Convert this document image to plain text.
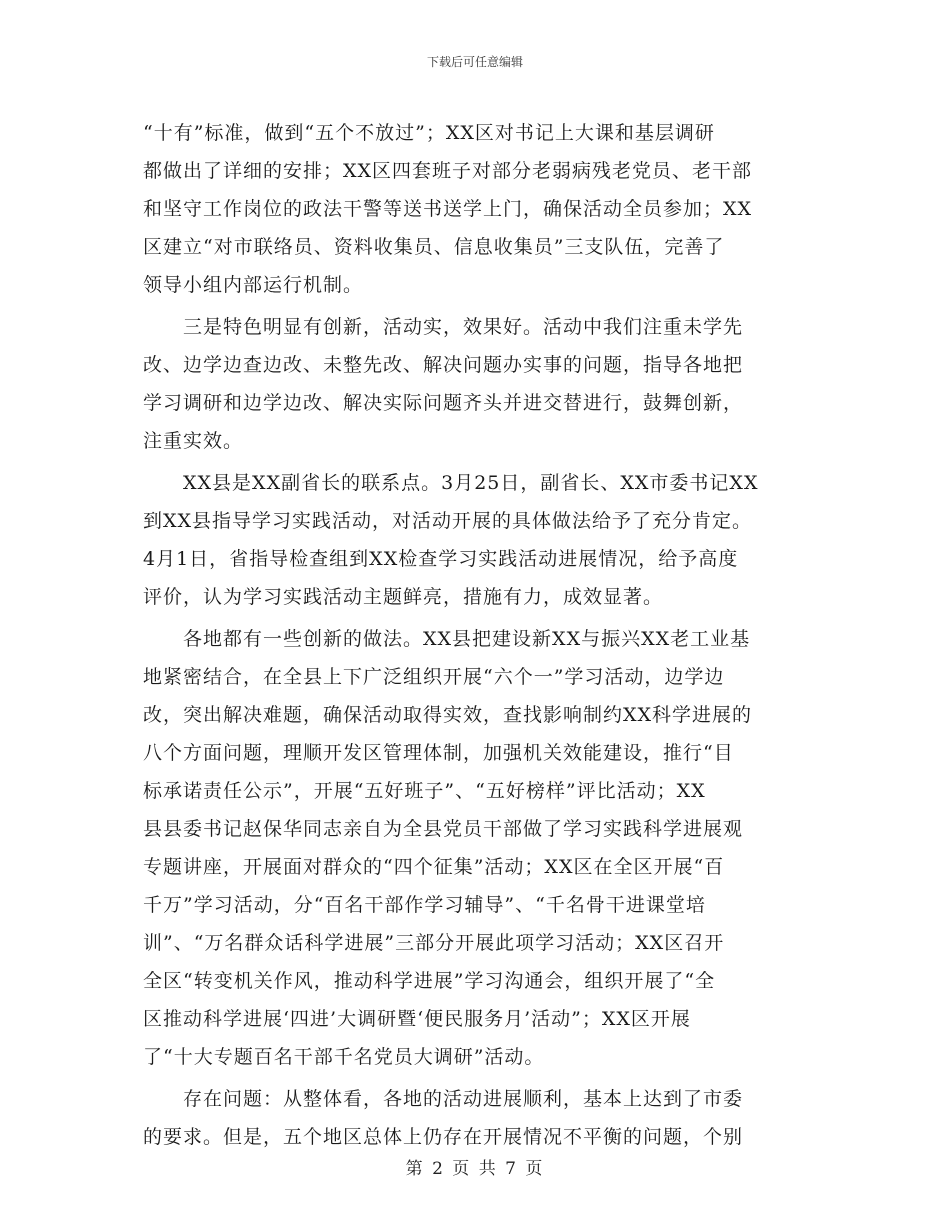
下载后可任意编辑

“十有”标准，做到“五个不放过”；XX区对书记上大课和基层调研
都做出了详细的安排；XX区四套班子对部分老弱病残老党员、老干部
和坚守工作岗位的政法干警等送书送学上门，确保活动全员参加；XX
区建立“对市联络员、资料收集员、信息收集员”三支队伍，完善了
领导小组内部运行机制。

三是特色明显有创新，活动实，效果好。活动中我们注重未学先
改、边学边查边改、未整先改、解决问题办实事的问题，指导各地把
学习调研和边学边改、解决实际问题齐头并进交替进行，鼓舞创新，
注重实效。

XX县是XX副省长的联系点。3月25日，副省长、XX市委书记XX
到XX县指导学习实践活动，对活动开展的具体做法给予了充分肯定。
4月1日，省指导检查组到XX检查学习实践活动进展情况，给予高度
评价，认为学习实践活动主题鲜亮，措施有力，成效显著。

各地都有一些创新的做法。XX县把建设新XX与振兴XX老工业基
地紧密结合，在全县上下广泛组织开展“六个一”学习活动，边学边
改，突出解决难题，确保活动取得实效，查找影响制约XX科学进展的
八个方面问题，理顺开发区管理体制，加强机关效能建设，推行“目
标承诺责任公示”，开展“五好班子”、“五好榜样”评比活动；XX
县县委书记赵保华同志亲自为全县党员干部做了学习实践科学进展观
专题讲座，开展面对群众的“四个征集”活动；XX区在全区开展“百
千万”学习活动，分“百名干部作学习辅导”、“千名骨干进课堂培
训”、“万名群众话科学进展”三部分开展此项学习活动；XX区召开
全区“转变机关作风，推动科学进展”学习沟通会，组织开展了“全
区推动科学进展‘四进’大调研暨‘便民服务月’活动”；XX区开展
了“十大专题百名干部千名党员大调研”活动。

存在问题：从整体看，各地的活动进展顺利，基本上达到了市委
的要求。但是，五个地区总体上仍存在开展情况不平衡的问题，个别

第 2 页 共 7 页
